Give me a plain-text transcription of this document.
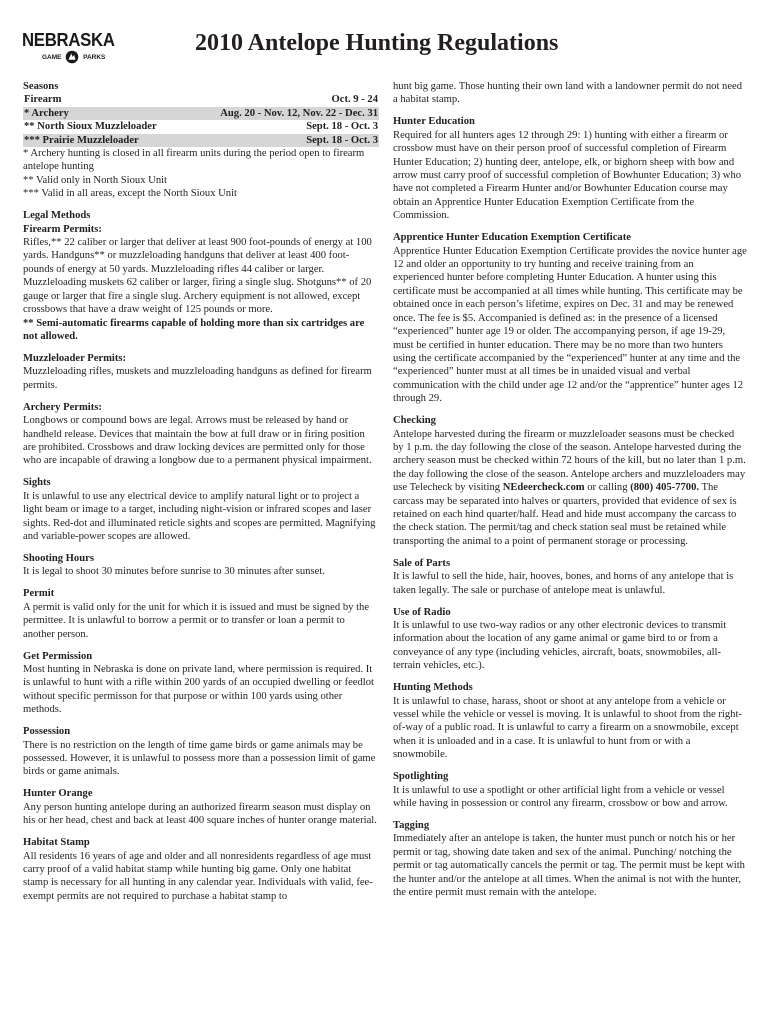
NEBRASKA
GAME	PARKS
2010 Antelope Hunting Regulations
Seasons
Firearm	Oct. 9 - 24
* Archery	Aug. 20 - Nov. 12, Nov. 22 - Dec. 31
** North Sioux Muzzleloader	Sept. 18 - Oct. 3
*** Prairie Muzzleloader	Sept. 18 - Oct. 3

* Archery hunting is closed in all firearm units during the period open to firearm antelope hunting

** Valid only in North Sioux Unit

*** Valid in all areas, except the North Sioux Unit

Legal Methods
Firearm Permits:

Rifles,** 22 caliber or larger that deliver at least 900 foot-pounds of energy at 100 yards. Handguns** or muzzleloading handguns that deliver at least 400 foot-pounds of energy at 50 yards. Muzzleloading rifles 44 caliber or larger. Muzzleloading muskets 62 caliber or larger, firing a single slug. Shotguns** of 20 gauge or larger that fire a single slug. Archery equipment is not allowed, except crossbows that have a draw weight of 125 pounds or more.

** Semi-automatic firearms capable of holding more than six cartridges are not allowed.

Muzzleloader Permits:

Muzzleloading rifles, muskets and muzzleloading handguns as defined for firearm permits.

Archery Permits:

Longbows or compound bows are legal. Arrows must be released by hand or handheld release. Devices that maintain the bow at full draw or in firing position are prohibited. Crossbows and draw locking devices are permitted only for those who are incapable of drawing a longbow due to a permanent physical impairment.

Sights

It is unlawful to use any electrical device to amplify natural light or to project a light beam or image to a target, including night-vision or infrared scopes and laser sights. Red-dot and illuminated reticle sights and scopes are permitted. Magnifying and variable-power scopes are allowed.

Shooting Hours

It is legal to shoot 30 minutes before sunrise to 30 minutes after sunset.

Permit

A permit is valid only for the unit for which it is issued and must be signed by the permittee. It is unlawful to borrow a permit or to transfer or loan a permit to another person.

Get Permission

Most hunting in Nebraska is done on private land, where permission is required. It is unlawful to hunt with a rifle within 200 yards of an occupied dwelling or feedlot without specific permisson for that purpose or within 100 yards using other methods.

Possession

There is no restriction on the length of time game birds or game animals may be possessed. However, it is unlawful to possess more than a possession limit of game birds or game animals.

Hunter Orange

Any person hunting antelope during an authorized firearm season must display on his or her head, chest and back at least 400 square inches of hunter orange material.

Habitat Stamp

All residents 16 years of age and older and all nonresidents regardless of age must carry proof of a valid habitat stamp while hunting big game. Only one habitat stamp is necessary for all hunting in any calendar year. Individuals with valid, fee-exempt permits are not required to purchase a habitat stamp to

hunt big game. Those hunting their own land with a landowner permit do not need a habitat stamp.

Hunter Education

Required for all hunters ages 12 through 29: 1) hunting with either a firearm or crossbow must have on their person proof of successful completion of Firearm Hunter Education; 2) hunting deer, antelope, elk, or bighorn sheep with bow and arrow must carry proof of successful completion of Bowhunter Education; 3) who have not completed a Firearm Hunter and/or Bowhunter Education course may obtain an Apprentice Hunter Education Exemption Certificate from the Commission.

Apprentice Hunter Education Exemption Certificate

Apprentice Hunter Education Exemption Certificate provides the novice hunter age 12 and older an opportunity to try hunting and receive training from an experienced hunter before completing Hunter Education. A hunter using this certificate must be accompanied at all times while hunting. This certificate may be obtained once in each person’s lifetime, expires on Dec. 31 and may be renewed once. The fee is $5. Accompanied is defined as: in the presence of a licensed “experienced” hunter age 19 or older. The accompanying person, if age 19-29, must be certified in hunter education. There may be no more than two hunters using the certificate accompanied by the “experienced” hunter at any time and the “experienced” hunter must at all times be in unaided visual and verbal communication with the child under age 12 and/or the “apprentice” hunter ages 12 through 29.

Checking

Antelope harvested during the firearm or muzzleloader seasons must be checked by 1 p.m. the day following the close of the season. Antelope harvested during the archery season must be checked within 72 hours of the kill, but no later than 1 p.m. the day following the close of the season. Antelope archers and muzzleloaders may use Telecheck by visiting NEdeercheck.com or calling (800) 405-7700. The carcass may be separated into halves or quarters, provided that evidence of sex is retained on each hind quarter/half. Head and hide must accompany the carcass to the check station. The permit/tag and check station seal must be retained while transporting the animal to a point of permanent storage or processing.

Sale of Parts

It is lawful to sell the hide, hair, hooves, bones, and horns of any antelope that is taken legally. The sale or purchase of antelope meat is unlawful.

Use of Radio

It is unlawful to use two-way radios or any other electronic devices to transmit information about the location of any game animal or game bird to or from a conveyance of any type (including vehicles, aircraft, boats, snowmobiles, all-terrain vehicles, etc.).

Hunting Methods

It is unlawful to chase, harass, shoot or shoot at any antelope from a vehicle or vessel while the vehicle or vessel is moving. It is unlawful to shoot from the right-of-way of a public road. It is unlawful to carry a firearm on a snowmobile, except when it is unloaded and in a case. It is unlawful to hunt from or with a snowmobile.

Spotlighting

It is unlawful to use a spotlight or other artificial light from a vehicle or vessel while having in possession or control any firearm, crossbow or bow and arrow.

Tagging

Immediately after an antelope is taken, the hunter must punch or notch his or her permit or tag, showing date taken and sex of the animal. Punching/ notching the permit or tag automatically cancels the permit or tag. The permit must be kept with the hunter and/or the antelope at all times. When the animal is not with the hunter, the entire permit must remain with the antelope.
